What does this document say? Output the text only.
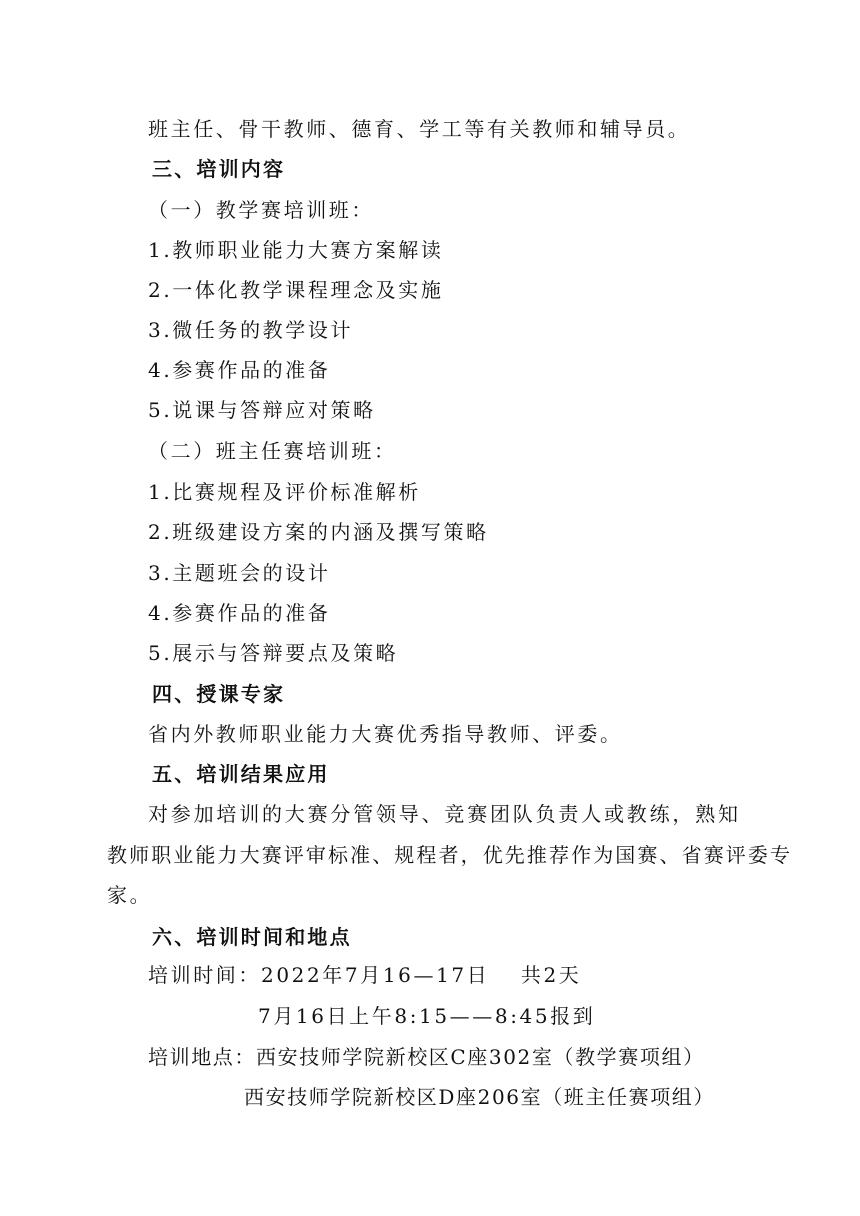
班主任、骨干教师、德育、学工等有关教师和辅导员。
三、培训内容
（一）教学赛培训班：
1.教师职业能力大赛方案解读
2.一体化教学课程理念及实施
3.微任务的教学设计
4.参赛作品的准备
5.说课与答辩应对策略
（二）班主任赛培训班：
1.比赛规程及评价标准解析
2.班级建设方案的内涵及撰写策略
3.主题班会的设计
4.参赛作品的准备
5.展示与答辩要点及策略
四、授课专家
省内外教师职业能力大赛优秀指导教师、评委。
五、培训结果应用
对参加培训的大赛分管领导、竞赛团队负责人或教练，熟知
教师职业能力大赛评审标准、规程者，优先推荐作为国赛、省赛评委专
家。
六、培训时间和地点
培训时间：2022年7月16—17日　 共2天
7月16日上午8:15——8:45报到
培训地点：西安技师学院新校区C座302室（教学赛项组）
西安技师学院新校区D座206室（班主任赛项组）
